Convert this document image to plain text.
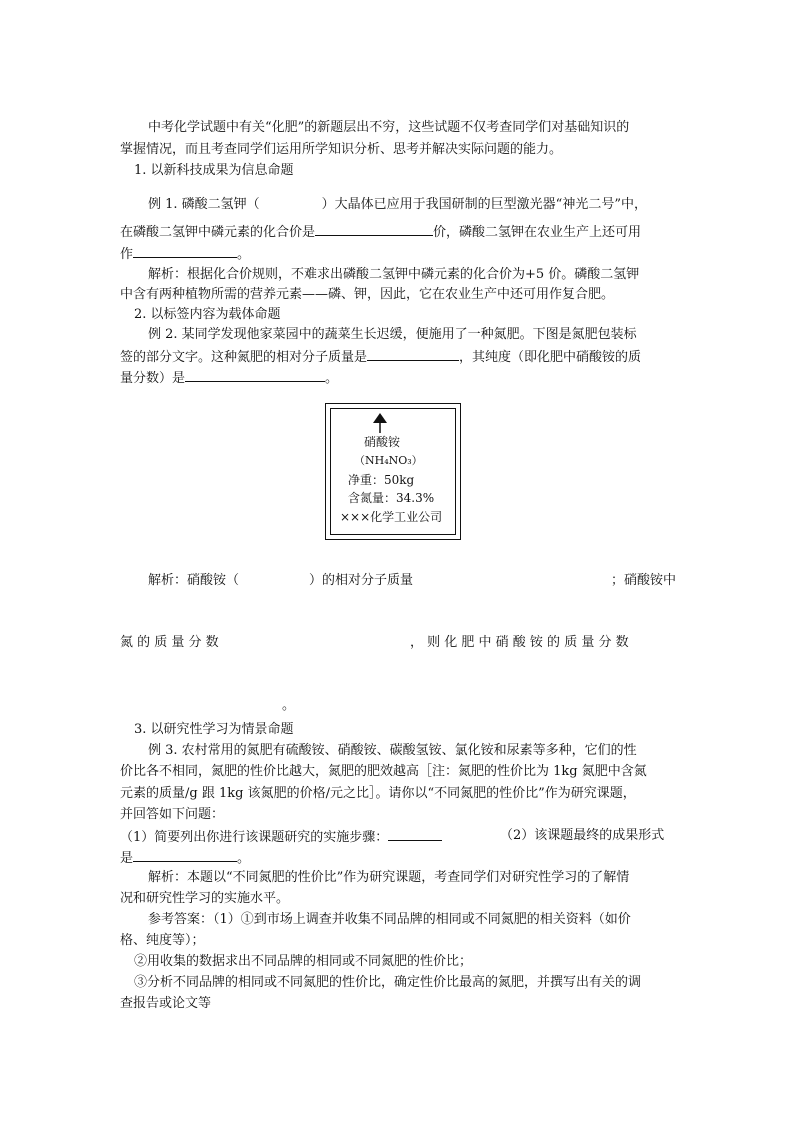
中考化学试题中有关“化肥”的新题层出不穷，这些试题不仅考查同学们对基础知识的
掌握情况，而且考查同学们运用所学知识分析、思考并解决实际问题的能力。
1. 以新科技成果为信息命题
例 1. 磷酸二氢钾（	）大晶体已应用于我国研制的巨型激光器“神光二号”中，
在磷酸二氢钾中磷元素的化合价是	价，磷酸二氢钾在农业生产上还可用
作	。
解析：根据化合价规则，不难求出磷酸二氢钾中磷元素的化合价为+5 价。磷酸二氢钾
中含有两种植物所需的营养元素——磷、钾，因此，它在农业生产中还可用作复合肥。
2. 以标签内容为载体命题
例 2. 某同学发现他家菜园中的蔬菜生长迟缓，便施用了一种氮肥。下图是氮肥包装标
签的部分文字。这种氮肥的相对分子质量是	，其纯度（即化肥中硝酸铵的质
量分数）是	。
硝酸铵
（NH₄NO₃）
净重：50kg
含氮量：34.3%
×××化学工业公司
解析：硝酸铵（	）的相对分子质量	；硝酸铵中
氮 的 质 量 分 数	， 则 化 肥 中 硝 酸 铵 的 质 量 分 数
。
3. 以研究性学习为情景命题
例 3. 农村常用的氮肥有硫酸铵、硝酸铵、碳酸氢铵、氯化铵和尿素等多种，它们的性
价比各不相同，氮肥的性价比越大，氮肥的肥效越高［注：氮肥的性价比为 1kg 氮肥中含氮
元素的质量/g 跟 1kg 该氮肥的价格/元之比］。请你以“不同氮肥的性价比”作为研究课题，
并回答如下问题：
（1）简要列出你进行该课题研究的实施步骤：	（2）该课题最终的成果形式
是	。
解析：本题以“不同氮肥的性价比”作为研究课题，考查同学们对研究性学习的了解情
况和研究性学习的实施水平。
参考答案：（1）①到市场上调查并收集不同品牌的相同或不同氮肥的相关资料（如价
格、纯度等）；
②用收集的数据求出不同品牌的相同或不同氮肥的性价比；
③分析不同品牌的相同或不同氮肥的性价比，确定性价比最高的氮肥，并撰写出有关的调
查报告或论文等
